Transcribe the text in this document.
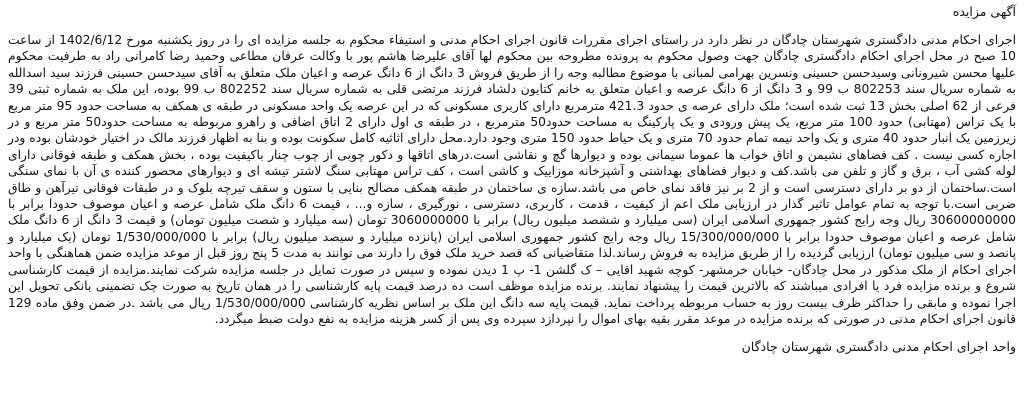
آگهی مزایده

اجرای احکام مدنی دادگستری شهرستان چادگان در نظر دارد در راستای اجرای مقررات قانون اجرای احکام مدنی و استیفاء محکوم به جلسه مزایده ای را در روز یکشنبه مورخ 1402/6/12 از ساعت 10 صبح در محل اجرای احکام دادگستری چادگان جهت وصول محکوم به پرونده مطروحه بین محکوم لها آقای علیرضا هاشم پور با وکالت عرفان مطاعی وحمید رضا کامرانی راد به طرفیت محکوم علیها محسن شیرونانی وسیدحسن حسینی ونسرین بهرامی لمبانی با موضوع مطالبه وجه را از طریق فروش 3 دانگ از 6 دانگ عرصه و اعیان ملک متعلق به آقای سیدحسن حسینی فرزند سید اسدالله به شماره سریال سند 802253 ب 99 و 3 دانگ از 6 دانگ عرصه و اعیان متعلق به خانم کتایون دلشاد فرزند مرتضی قلی به شماره سریال سند 802252 ب 99 بوده، این ملک به شماره ثبتی 39 فرعی از 62 اصلی بخش 13 ثبت شده است؛ ملک دارای عرصه ی حدود 421.3 مترمربع دارای کاربری مسکونی که در این عرصه یک واحد مسکونی در طبقه ی همکف به مساحت حدود 95 متر مربع با یک تراس (مهتابی) حدود 100 متر مربع، یک پیش ورودی و یک پارکینگ به مساحت حدود50 مترمربع ، در طبقه ی اول دارای 2 اتاق اضافی و راهرو مربوطه به مساحت حدود50 متر مربع و در زیرزمین یک انبار حدود 40 متری و یک واحد نیمه تمام حدود 70 متری و یک حیاط حدود 150 متری وجود دارد.محل دارای اثاثیه کامل سکونت بوده و بنا به اظهار فرزند مالک در اختیار خودشان بوده ودر اجاره کسی نیست . کف فضاهای نشیمن و اتاق خواب ها عموما سیمانی بوده و دیوارها گچ و نقاشی است.درهای اتاقها و دکور چوبی از چوب چنار باکیفیت بوده ، بخش همکف و طبقه فوقانی دارای لوله کشی آب ، برق و گاز و تلفن می باشد.کف و دیوار فضاهای بهداشتی و آشپزخانه موزاییک و کاشی است ، کف تراس مهتابی سنگ لاشتر تیشه ای و دیوارهای محصور کننده ی آن با نمای سنگی است.ساختمان از دو بر دارای دسترسی است و از 2 بر نیز فاقد نمای خاص می باشد.سازه ی ساختمان در طبقه همکف مصالح بنایی با ستون و سقف تیرچه بلوک و در طبقات فوقانی تیرآهن و طاق ضربی است.با توجه به تمام عوامل تاثیر گذار در ارزیابی ملک اعم از کیفیت ، قدمت ، کاربری، دسترسی ، نورگیری ، سازه و... ، قیمت 6 دانگ ملک شامل عرصه و اعیان موصوف حدودا برابر با 30600000000 ریال وجه رایج کشور جمهوری اسلامی ایران (سی میلیارد و ششصد میلیون ریال) برابر با 3060000000 تومان (سه میلیارد و شصت میلیون تومان) و قیمت 3 دانگ از 6 دانگ ملک شامل عرصه و اعیان موصوف حدودا برابر با 15/300/000/000 ریال وجه رایج کشور جمهوری اسلامی ایران (پانزده میلیارد و سیصد میلیون ریال) برابر با 1/530/000/000 تومان (یک میلیارد و پانصد و سی میلیون تومان) ارزیابی گردیده را از طریق مزایده به فروش رساند.لذا متقاضیانی که قصد خرید ملک فوق را دارند می توانند به مدت 5 پنج روز قبل از موعد مزایده ضمن هماهنگی با واحد اجرای احکام از ملک مذکور در محل چادگان- خیابان خرمشهر- کوچه شهید اقایی – ک گلشن 1- پ 1 دیدن نموده و سپس در صورت تمایل در جلسه مزایده شرکت نمایند.مزایده از قیمت کارشناسی شروع و برنده مزایده فرد یا افرادی میباشند که بالاترین قیمت را پیشنهاد نمایند. برنده مزایده موظف است ده درصد قیمت پایه کارشناسی را در همان تاریخ به صورت چک تضمینی بانکی تحویل این اجرا نموده و مابقی را حداکثر ظرف بیست روز به حساب مربوطه پرداخت نماید. قیمت پایه سه دانگ این ملک بر اساس نظریه کارشناسی 1/530/000/000 ریال می باشد .در ضمن وفق ماده 129 قانون اجرای احکام مدنی در صورتی که برنده مزایده در موعد مقرر بقیه بهای اموال را نپردازد سپرده وی پس از کسر هزینه مزایده به نفع دولت ضبط میگردد.

واحد اجرای احکام مدنی دادگستری شهرستان چادگان
